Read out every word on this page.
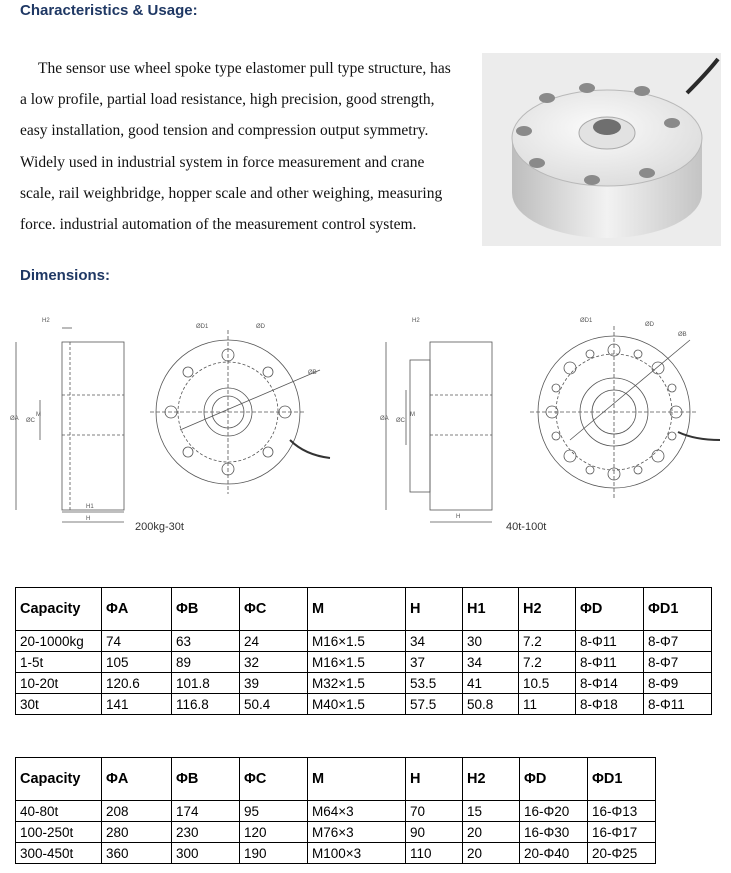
Characteristics & Usage:
The sensor use wheel spoke type elastomer pull type structure, has
a low profile, partial load resistance, high precision, good strength,
easy installation, good tension and compression output symmetry.
Widely used in industrial system in force measurement and crane
scale, rail weighbridge, hopper scale and other weighing, measuring
force. industrial automation of the measurement control system.
Dimensions:
H2
H1
H
ØA ØC
M
ØD1	ØD
ØB
H2
H
ØA ØC
M
ØD1
ØD
ØB
200kg-30t	40t-100t
Capacity	ΦA	ΦB	ΦC	M	H	H1	H2	ΦD	ΦD1
20-1000kg	74	63	24	M16×1.5	34	30	7.2	8-Φ11	8-Φ7
1-5t	105	89	32	M16×1.5	37	34	7.2	8-Φ11	8-Φ7
10-20t	120.6	101.8	39	M32×1.5	53.5	41	10.5	8-Φ14	8-Φ9
30t	141	116.8	50.4	M40×1.5	57.5	50.8	11	8-Φ18	8-Φ11
Capacity	ΦA	ΦB	ΦC	M	H	H2	ΦD	ΦD1
40-80t	208	174	95	M64×3	70	15	16-Φ20	16-Φ13
100-250t	280	230	120	M76×3	90	20	16-Φ30	16-Φ17
300-450t	360	300	190	M100×3	110	20	20-Φ40	20-Φ25
